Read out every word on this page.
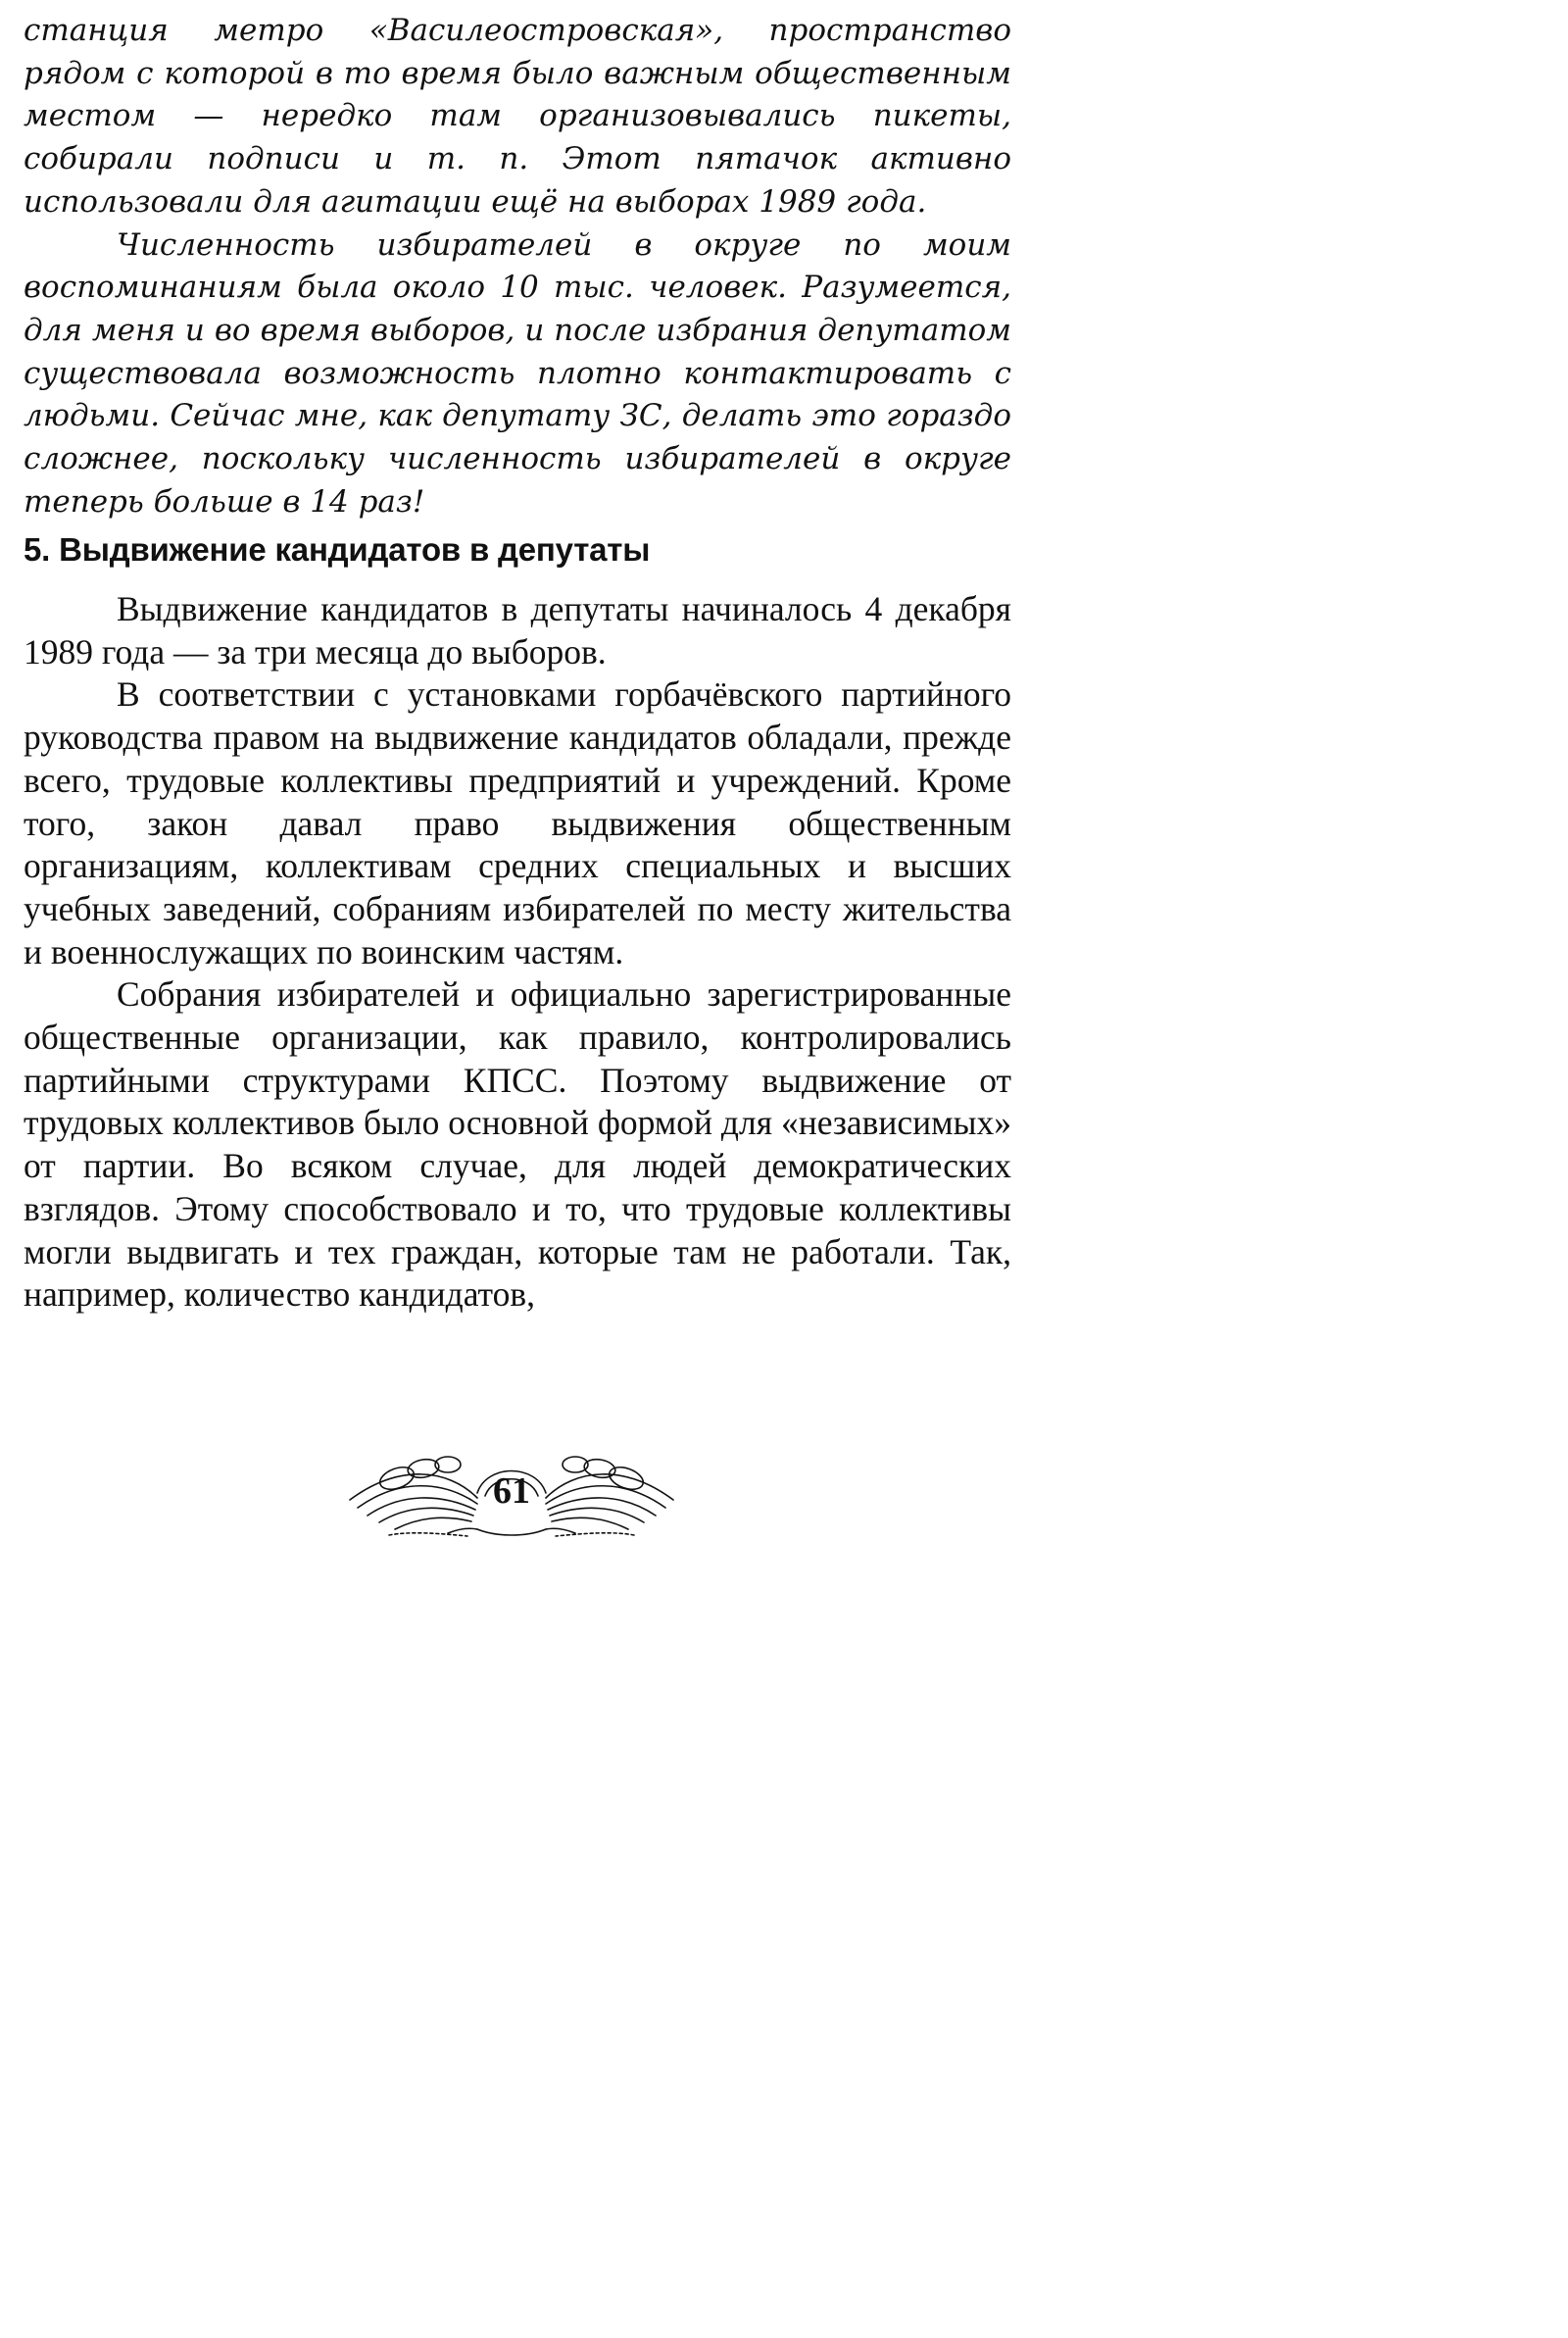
станция метро «Василеостровская», пространство рядом с которой в то время было важным общественным местом — нередко там организовывались пикеты, собирали подписи и т. п. Этот пятачок активно использовали для агитации ещё на выборах 1989 года.

Численность избирателей в округе по моим воспоминаниям была около 10 тыс. человек. Разумеется, для меня и во время выборов, и после избрания депутатом существовала возможность плотно контактировать с людьми. Сейчас мне, как депутату ЗС, делать это гораздо сложнее, поскольку численность избирателей в округе теперь больше в 14 раз!

5. Выдвижение кандидатов в депутаты

Выдвижение кандидатов в депутаты начиналось 4 декабря 1989 года — за три месяца до выборов.

В соответствии с установками горбачёвского партийного руководства правом на выдвижение кандидатов обладали, прежде всего, трудовые коллективы предприятий и учреждений. Кроме того, закон давал право выдвижения общественным организациям, коллективам средних специальных и высших учебных заведений, собраниям избирателей по месту жительства и военнослужащих по воинским частям.

Собрания избирателей и официально зарегистрированные общественные организации, как правило, контролировались партийными структурами КПСС. Поэтому выдвижение от трудовых коллективов было основной формой для «независимых» от партии. Во всяком случае, для людей демократических взглядов. Этому способствовало и то, что трудовые коллективы могли выдвигать и тех граждан, которые там не работали. Так, например, количество кандидатов,

61
